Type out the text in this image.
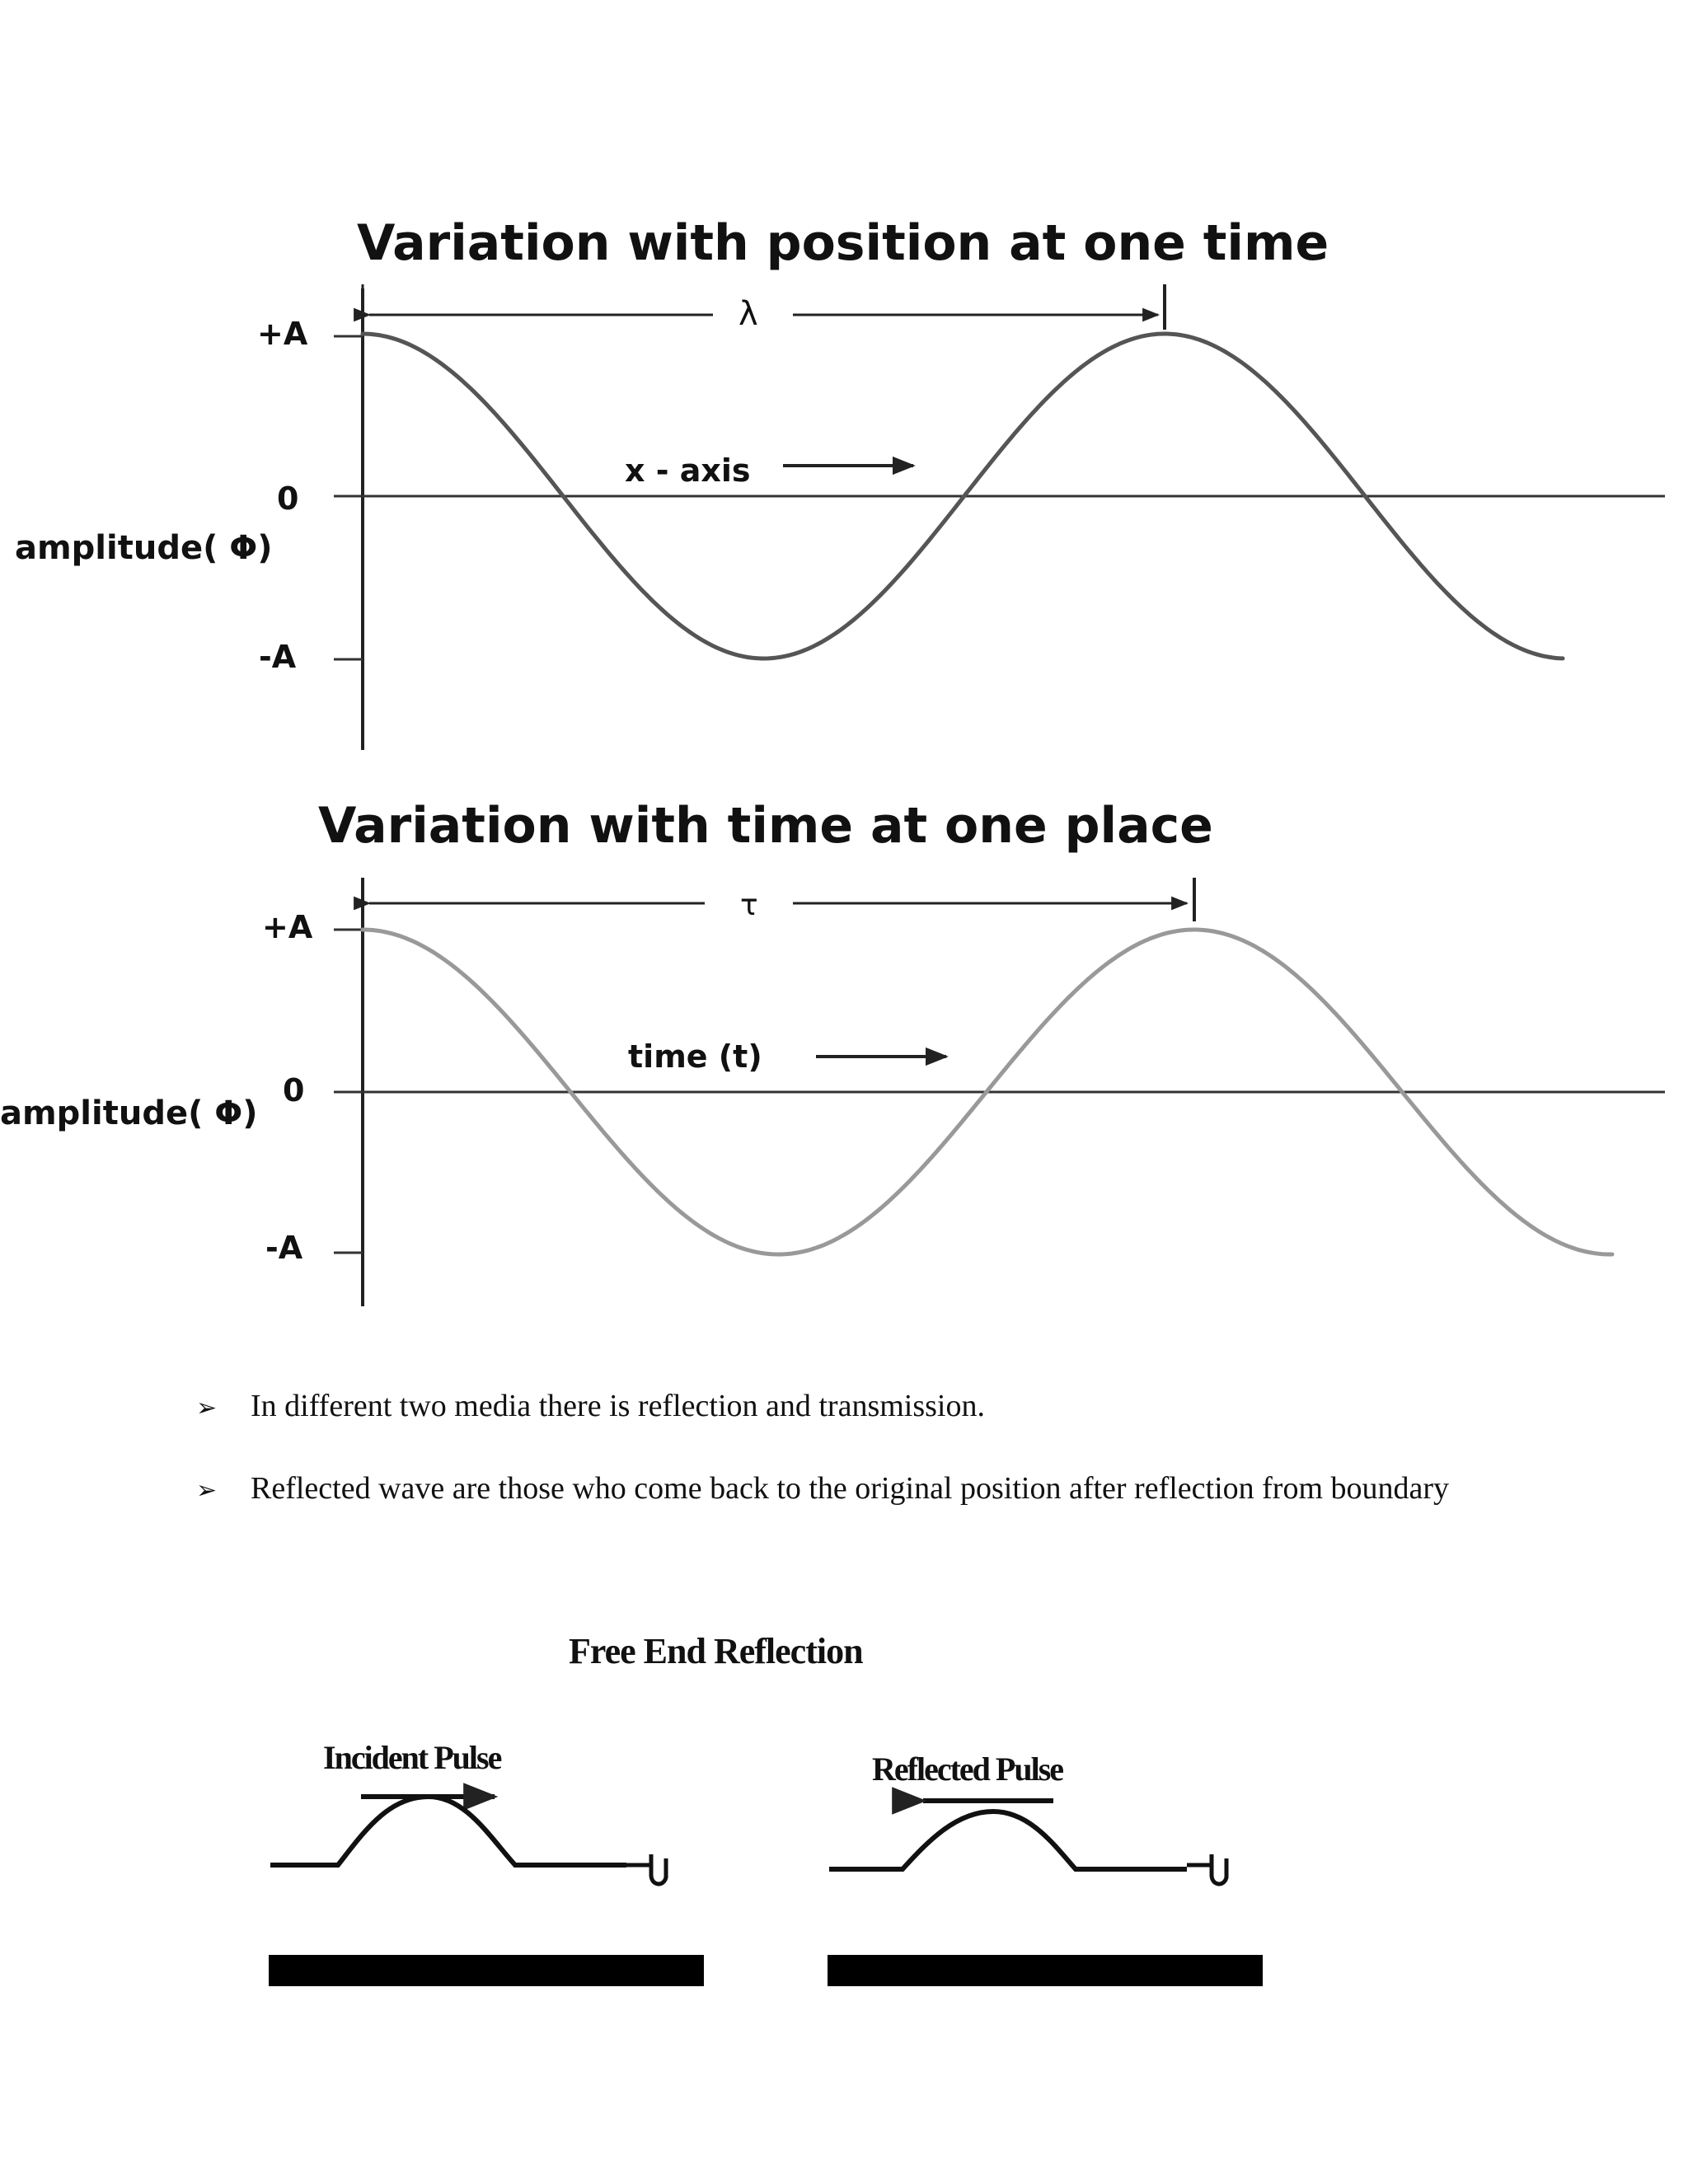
Variation with position at one time
+A
0
-A
amplitude( Φ)
λ
x - axis
Variation with time at one place
+A
0
-A
amplitude( Φ)
τ
time (t)
➢ In different two media there is reflection and transmission.
➢ Reflected wave are those who come back to the original position after reflection from boundary
Free End Reflection
Incident Pulse	Reflected Pulse
